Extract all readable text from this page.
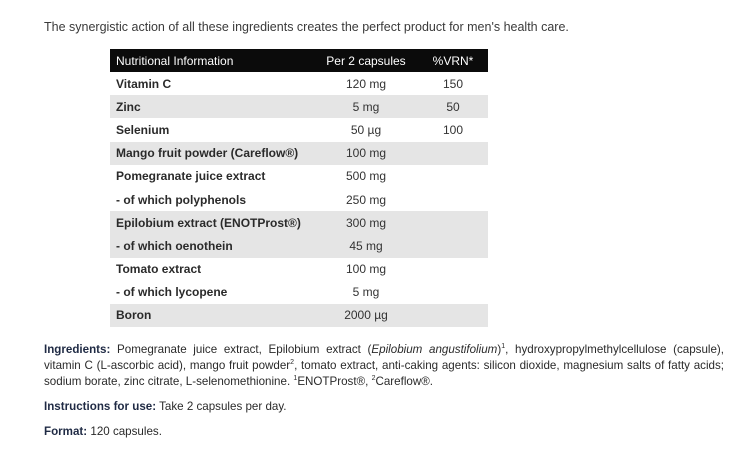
The synergistic action of all these ingredients creates the perfect product for men's health care.
Nutritional Information	Per 2 capsules	%VRN*
Vitamin C	120 mg	150
Zinc	5 mg	50
Selenium	50 µg	100
Mango fruit powder (Careflow®)	100 mg	
Pomegranate juice extract	500 mg	
- of which polyphenols	250 mg	
Epilobium extract (ENOTProst®)	300 mg	
- of which oenothein	45 mg	
Tomato extract	100 mg	
- of which lycopene	5 mg	
Boron	2000 µg	
Ingredients: Pomegranate juice extract, Epilobium extract (Epilobium angustifolium)$^1$, hydroxypropylmethylcellulose (capsule), vitamin C (L-ascorbic acid), mango fruit powder$^2$, tomato extract, anti-caking agents: silicon dioxide, magnesium salts of fatty acids; sodium borate, zinc citrate, L-selenomethionine. $^1$ENOTProst®, $^2$Careflow®.
Instructions for use: Take 2 capsules per day.
Format: 120 capsules.
